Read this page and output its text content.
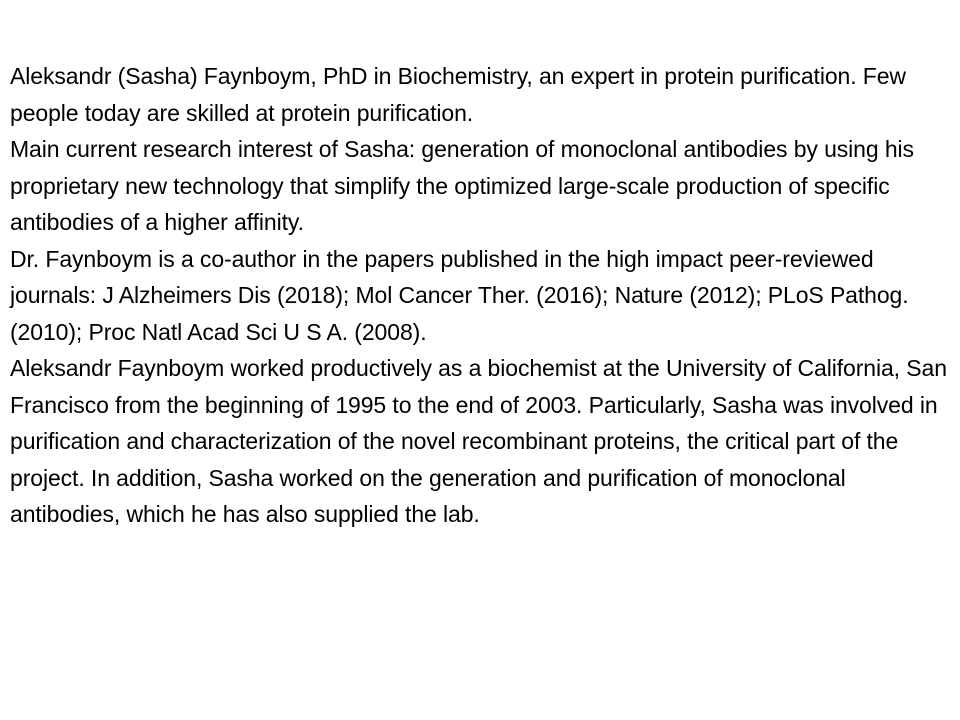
Aleksandr (Sasha) Faynboym, PhD in Biochemistry, an expert in protein purification. Few people today are skilled at protein purification.

Main current research interest of Sasha: generation of monoclonal antibodies by using his proprietary new technology that simplify the optimized large-scale production of specific antibodies of a higher affinity.

Dr. Faynboym is a co-author in the papers published in the high impact peer-reviewed journals: J Alzheimers Dis (2018); Mol Cancer Ther. (2016); Nature (2012); PLoS Pathog. (2010); Proc Natl Acad Sci U S A. (2008).

Aleksandr Faynboym worked productively as a biochemist at the University of California, San Francisco from the beginning of 1995 to the end of 2003. Particularly, Sasha was involved in purification and characterization of the novel recombinant proteins, the critical part of the project. In addition, Sasha worked on the generation and purification of monoclonal antibodies, which he has also supplied the lab.
